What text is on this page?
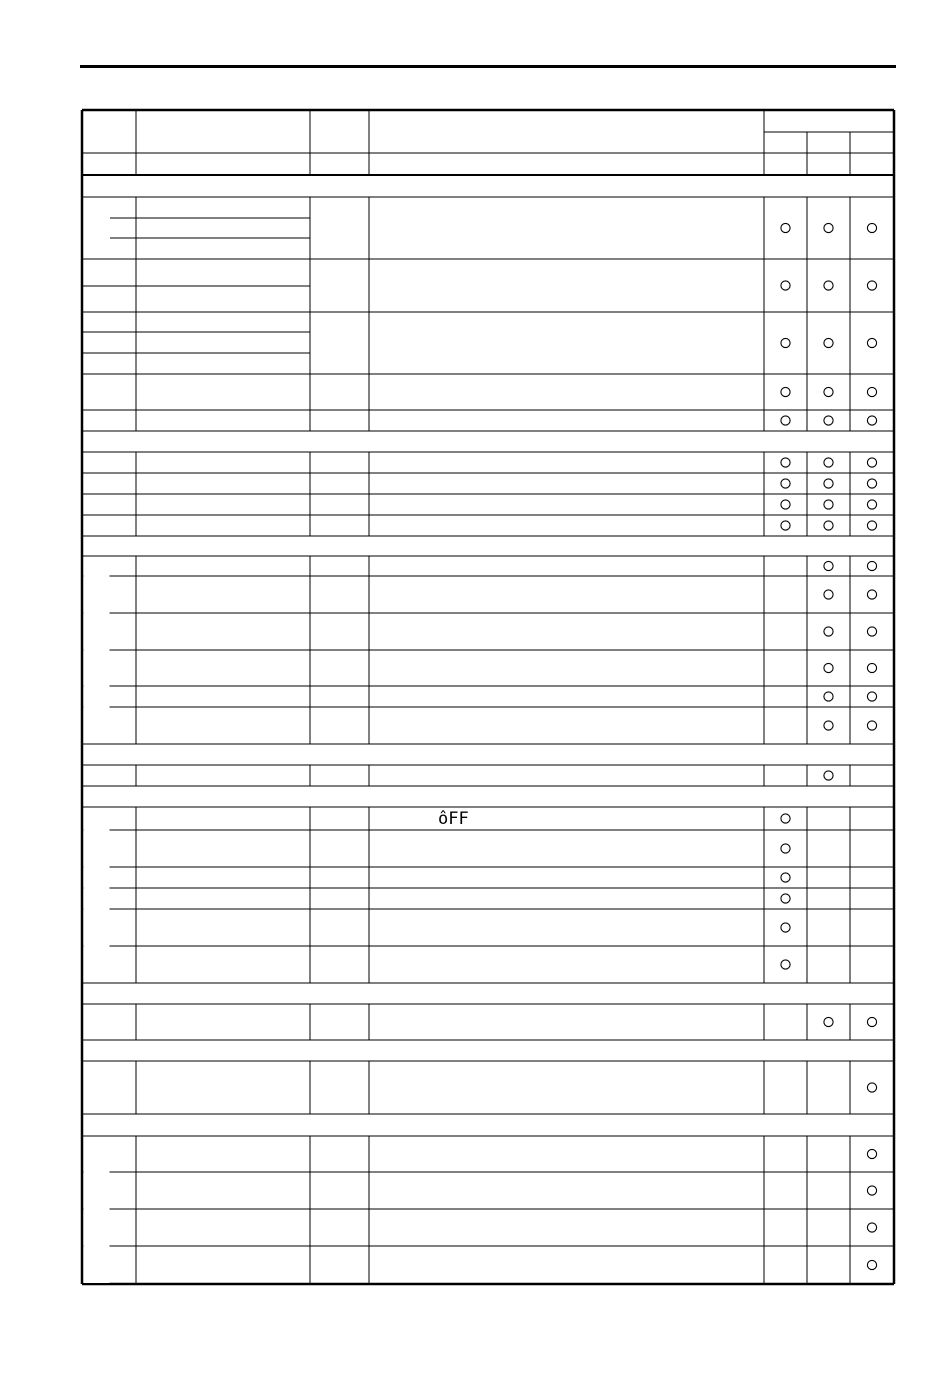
ôFF
